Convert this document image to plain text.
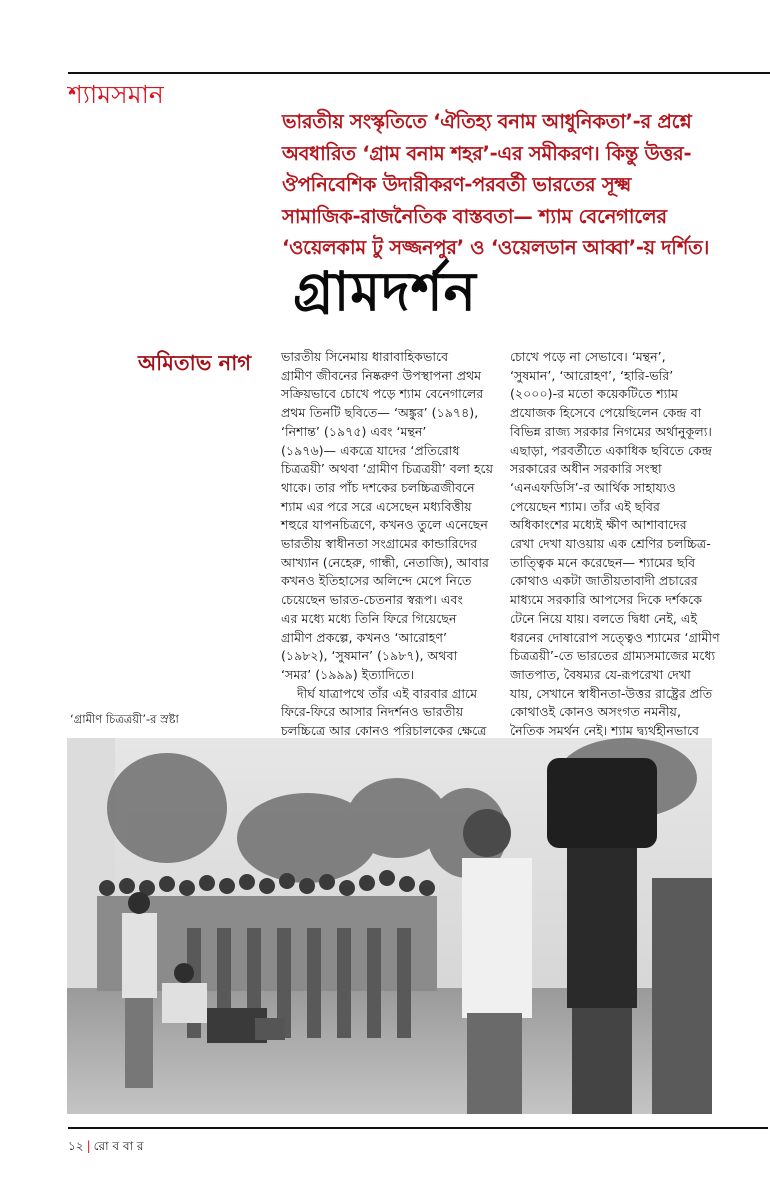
শ্যামসমান

ভারতীয় সংস্কৃতিতে ‘ঐতিহ্য বনাম আধুনিকতা’-র প্রশ্নে

অবধারিত ‘গ্রাম বনাম শহর’-এর সমীকরণ। কিন্তু উত্তর-

ঔপনিবেশিক উদারীকরণ-পরবর্তী ভারতের সূক্ষ্ম

সামাজিক-রাজনৈতিক বাস্তবতা— শ্যাম বেনেগালের

‘ওয়েলকাম টু সজ্জনপুর’ ও ‘ওয়েলডান আব্বা’-য় দর্শিত।

গ্রামদর্শন
অমিতাভ নাগ ভারতীয় সিনেমায় ধারাবাহিকভাবে

গ্রামীণ জীবনের নিষ্করুণ উপস্থাপনা প্রথম

সক্রিয়ভাবে চোখে পড়ে শ্যাম বেনেগালের

প্রথম তিনটি ছবিতে— ‘অঙ্কুর’ (১৯৭৪),

‘নিশান্ত’ (১৯৭৫) এবং ‘মন্থন’

(১৯৭৬)— একত্রে যাদের ‘প্রতিরোধ

চিত্রত্রয়ী’ অথবা ‘গ্রামীণ চিত্রত্রয়ী’ বলা হয়ে

থাকে। তার পাঁচ দশকের চলচ্চিত্রজীবনে

শ্যাম এর পরে সরে এসেছেন মধ্যবিত্তীয়

শহুরে যাপনচিত্রণে, কখনও তুলে এনেছেন

ভারতীয় স্বাধীনতা সংগ্রামের কান্ডারিদের

আখ্যান (নেহেরু, গান্ধী, নেতাজি), আবার

কখনও ইতিহাসের অলিন্দে মেপে নিতে

চেয়েছেন ভারত-চেতনার স্বরূপ। এবং

এর মধ্যে মধ্যে তিনি ফিরে গিয়েছেন

গ্রামীণ প্রকল্পে, কখনও ‘আরোহণ’

(১৯৮২), ‘সুষমান’ (১৯৮৭), অথবা

‘সমর’ (১৯৯৯) ইত্যাদিতে।

দীর্ঘ যাত্রাপথে তাঁর এই বারবার গ্রামে

ফিরে-ফিরে আসার নিদর্শনও ভারতীয়

চলচ্চিত্রে আর কোনও পরিচালকের ক্ষেত্রে

চোখে পড়ে না সেভাবে। ‘মন্থন’,

‘সুষমান’, ‘আরোহণ’, ‘হারি-ভরি’

(২০০০)-র মতো কয়েকটিতে শ্যাম

প্রযোজক হিসেবে পেয়েছিলেন কেন্দ্র বা

বিভিন্ন রাজ্য সরকার নিগমের অর্থানুকূল্য।

এছাড়া, পরবর্তীতে একাধিক ছবিতে কেন্দ্র

সরকারের অধীন সরকারি সংস্থা

‘এনএফডিসি’-র আর্থিক সাহায্যও

পেয়েছেন শ্যাম। তাঁর এই ছবির

অধিকাংশের মধ্যেই ক্ষীণ আশাবাদের

রেখা দেখা যাওয়ায় এক শ্রেণির চলচ্চিত্র-

তাত্ত্বিক মনে করেছেন— শ্যামের ছবি

কোথাও একটা জাতীয়তাবাদী প্রচারের

মাধ্যমে সরকারি আপসের দিকে দর্শককে

টেনে নিয়ে যায়। বলতে দ্বিধা নেই, এই

ধরনের দোষারোপ সত্ত্বেও শ্যামের ‘গ্রামীণ

চিত্রত্রয়ী’-তে ভারতের গ্রাম্যসমাজের মধ্যে

জাতপাত, বৈষম্যর যে-রূপরেখা দেখা

যায়, সেখানে স্বাধীনতা-উত্তর রাষ্ট্রের প্রতি

কোথাওই কোনও অসংগত নমনীয়,

নৈতিক সমর্থন নেই। শ্যাম দ্ব্যর্থহীনভাবে

‘গ্রামীণ চিত্রত্রয়ী’-র স্রষ্টা
১২ | রো ব বা র
